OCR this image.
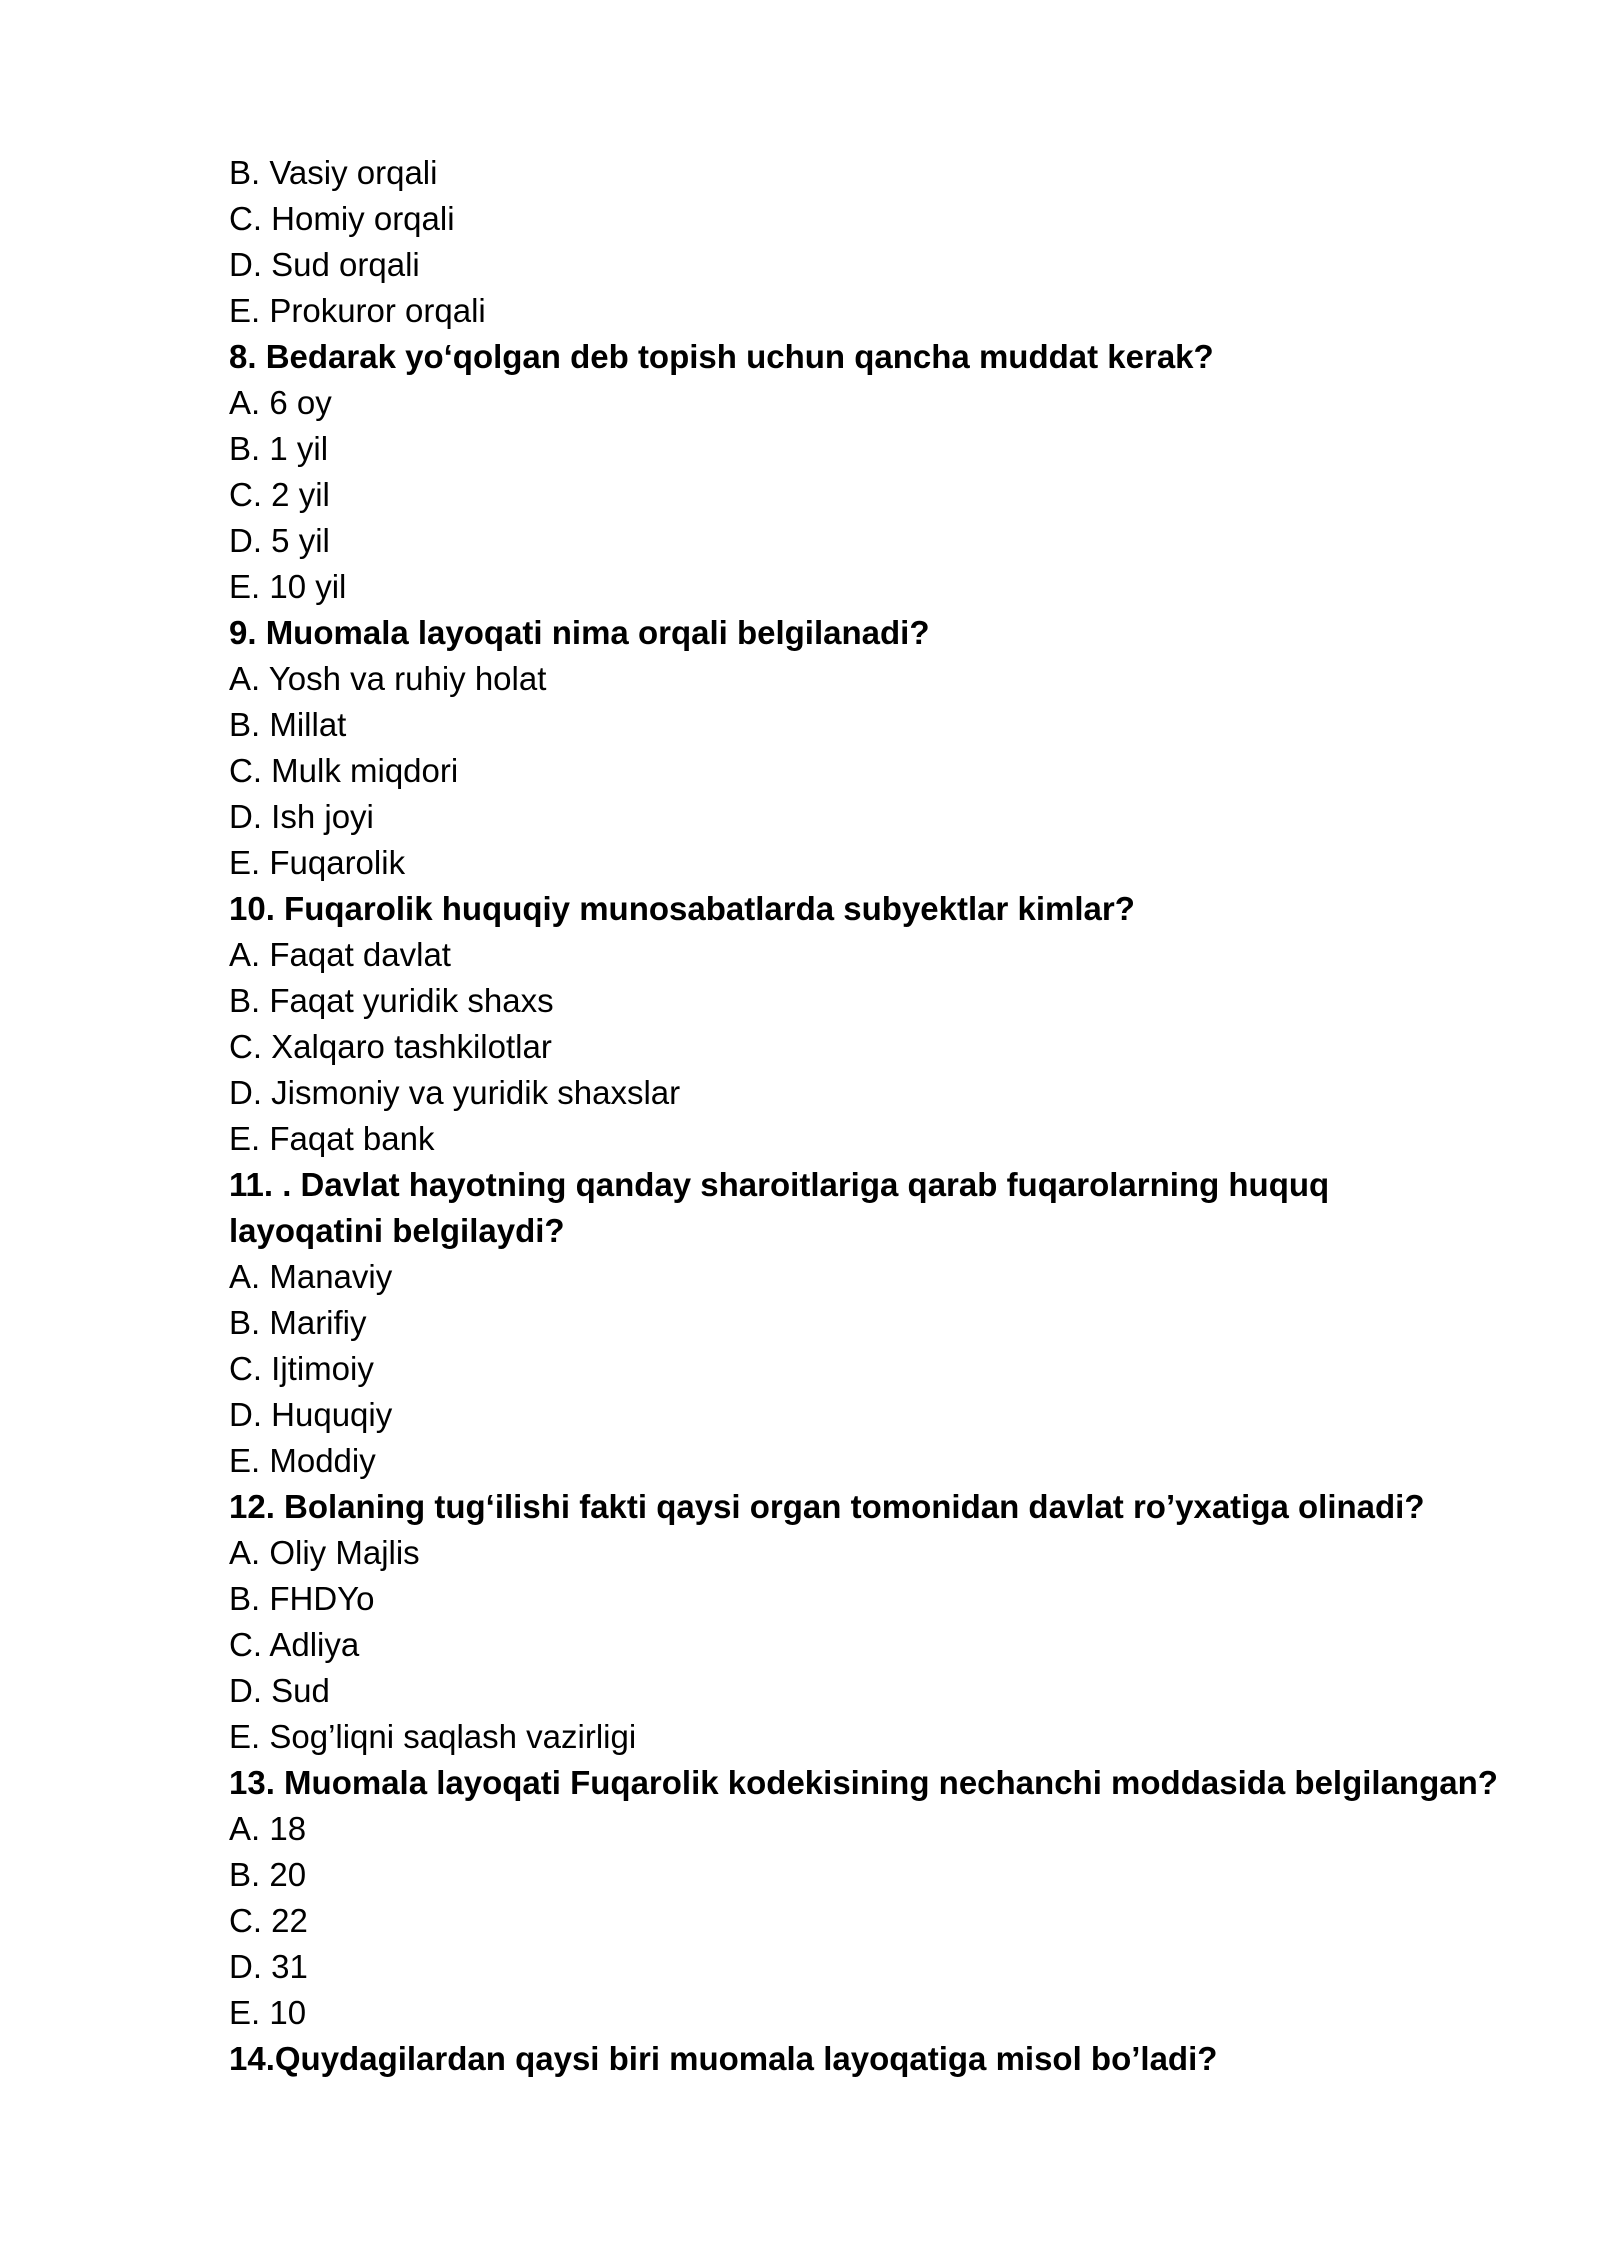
B. Vasiy orqali
C. Homiy orqali
D. Sud orqali
E. Prokuror orqali
8. Bedarak yo‘qolgan deb topish uchun qancha muddat kerak?
A. 6 oy
B. 1 yil
C. 2 yil
D. 5 yil
E. 10 yil
9. Muomala layoqati nima orqali belgilanadi?
A. Yosh va ruhiy holat
B. Millat
C. Mulk miqdori
D. Ish joyi
E. Fuqarolik
10. Fuqarolik huquqiy munosabatlarda subyektlar kimlar?
A. Faqat davlat
B. Faqat yuridik shaxs
C. Xalqaro tashkilotlar
D. Jismoniy va yuridik shaxslar
E. Faqat bank
11. . Davlat hayotning qanday sharoitlariga qarab fuqarolarning huquq layoqatini belgilaydi?
A. Manaviy
B. Marifiy
C. Ijtimoiy
D. Huquqiy
E. Moddiy
12. Bolaning tug‘ilishi fakti qaysi organ tomonidan davlat ro’yxatiga olinadi?
A. Oliy Majlis
B. FHDYo
C. Adliya
D. Sud
E. Sog’liqni saqlash vazirligi
13. Muomala layoqati Fuqarolik kodekisining nechanchi moddasida belgilangan?
A. 18
B. 20
C. 22
D. 31
E. 10
14.Quydagilardan qaysi biri muomala layoqatiga misol bo’ladi?
